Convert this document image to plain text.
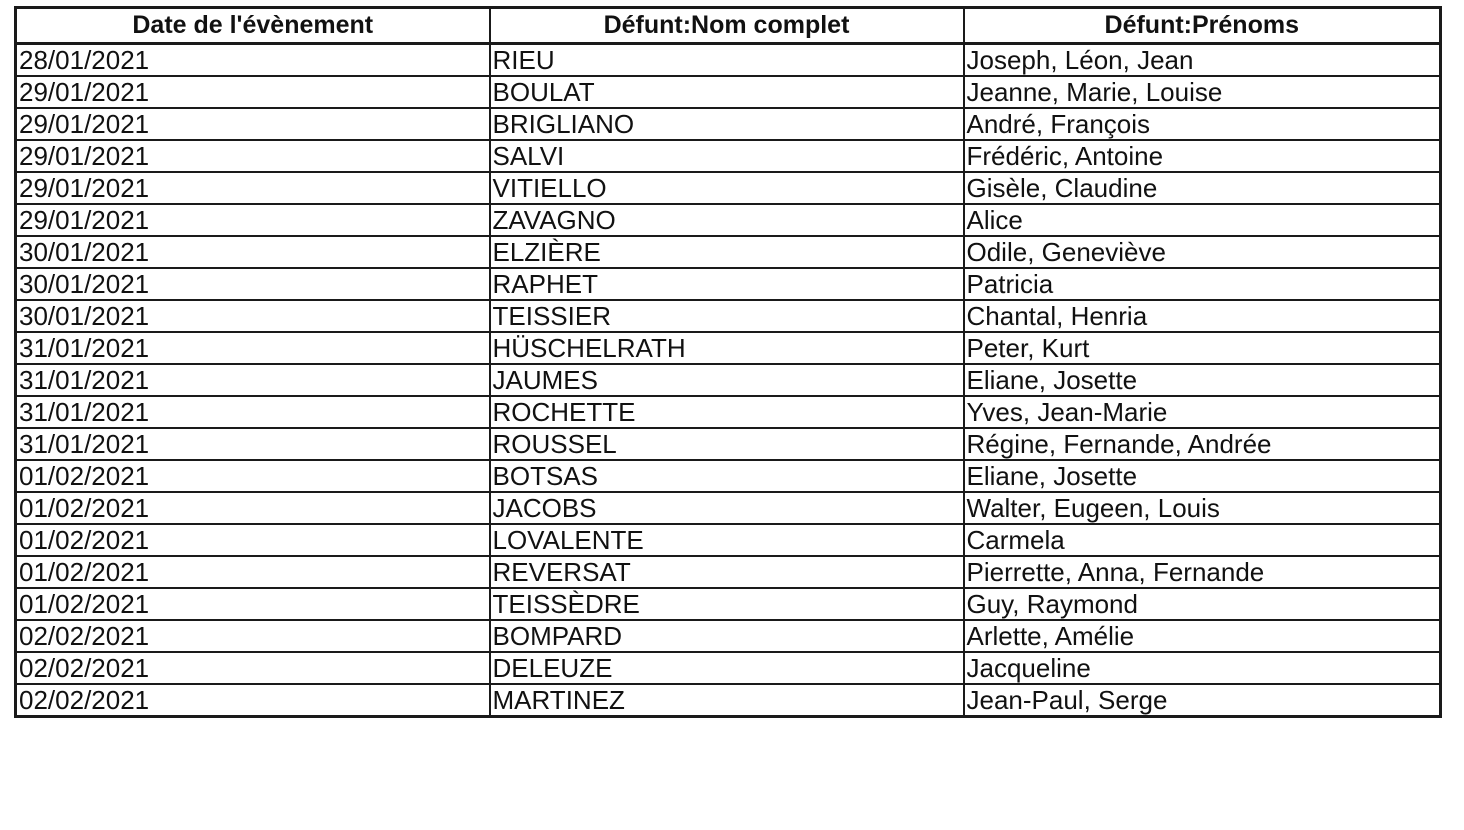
Date de l'évènement	Défunt:Nom complet	Défunt:Prénoms
28/01/2021	RIEU	Joseph, Léon, Jean
29/01/2021	BOULAT	Jeanne, Marie, Louise
29/01/2021	BRIGLIANO	André, François
29/01/2021	SALVI	Frédéric, Antoine
29/01/2021	VITIELLO	Gisèle, Claudine
29/01/2021	ZAVAGNO	Alice
30/01/2021	ELZIÈRE	Odile, Geneviève
30/01/2021	RAPHET	Patricia
30/01/2021	TEISSIER	Chantal, Henria
31/01/2021	HÜSCHELRATH	Peter, Kurt
31/01/2021	JAUMES	Eliane, Josette
31/01/2021	ROCHETTE	Yves, Jean-Marie
31/01/2021	ROUSSEL	Régine, Fernande, Andrée
01/02/2021	BOTSAS	Eliane, Josette
01/02/2021	JACOBS	Walter, Eugeen, Louis
01/02/2021	LOVALENTE	Carmela
01/02/2021	REVERSAT	Pierrette, Anna, Fernande
01/02/2021	TEISSÈDRE	Guy, Raymond
02/02/2021	BOMPARD	Arlette, Amélie
02/02/2021	DELEUZE	Jacqueline
02/02/2021	MARTINEZ	Jean-Paul, Serge
